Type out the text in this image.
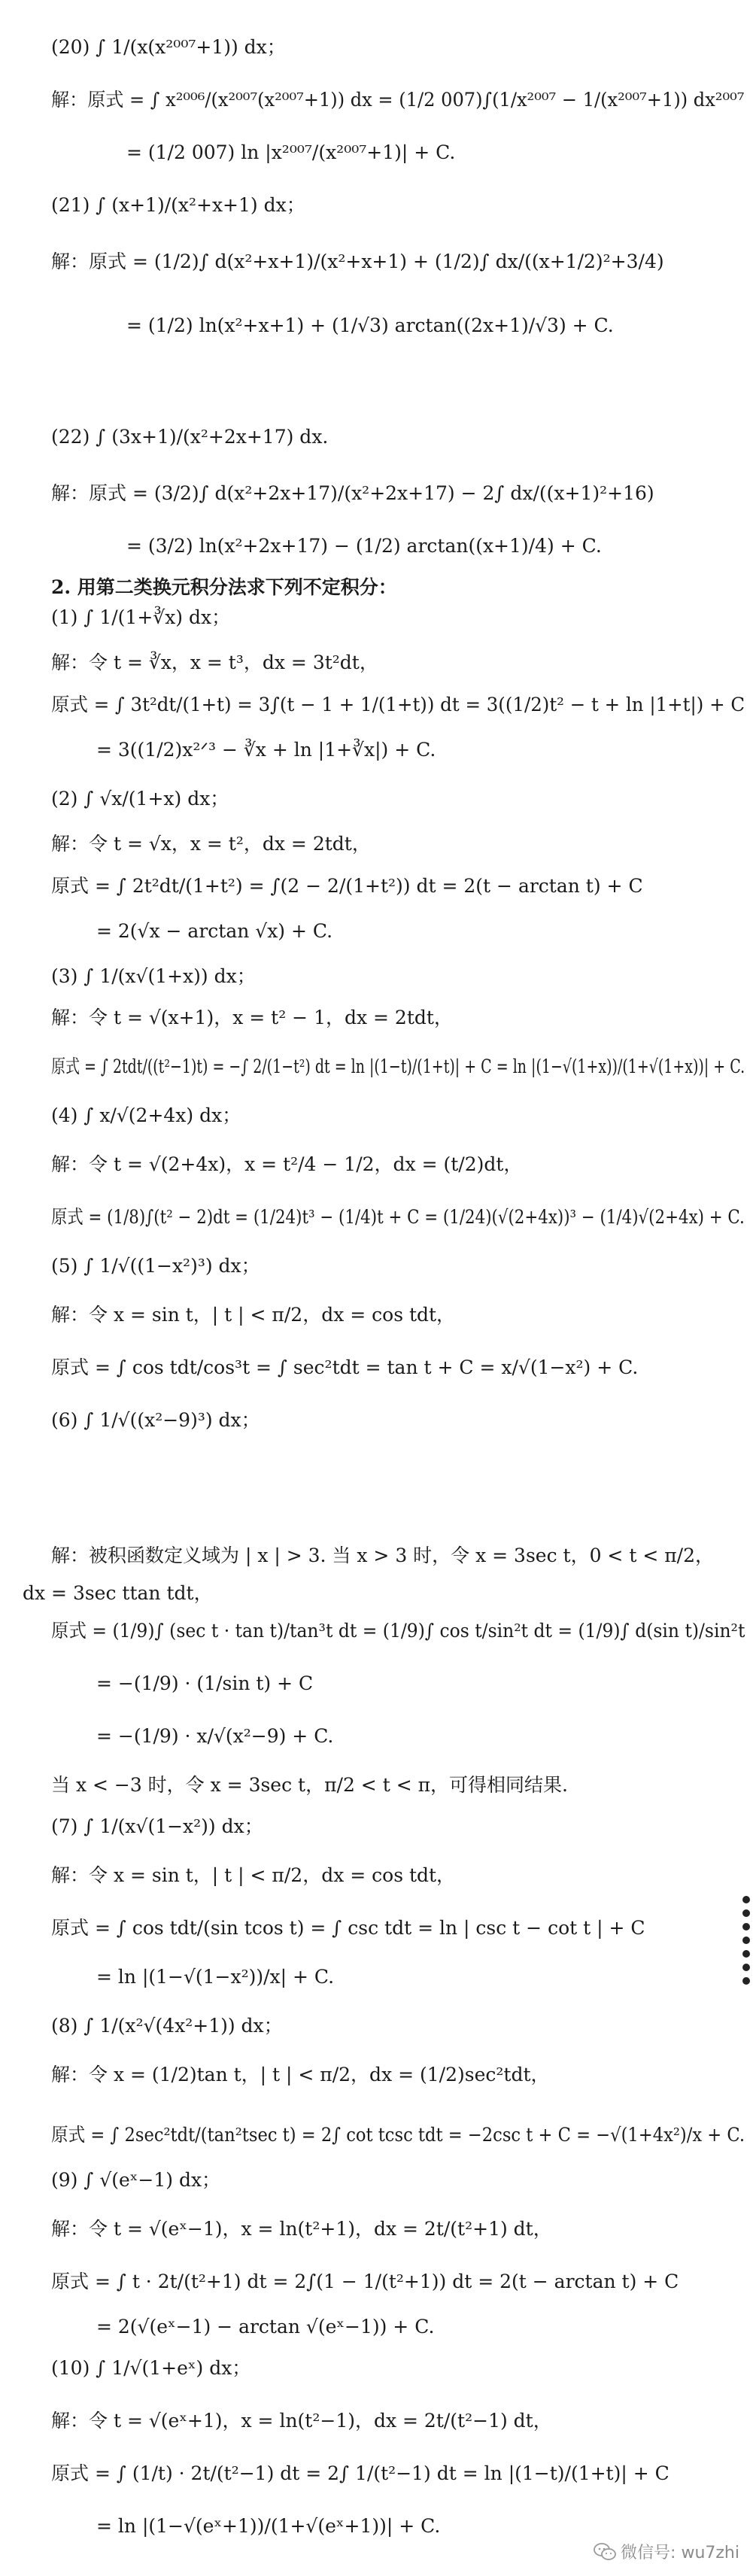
(20) ∫ 1/(x(x²⁰⁰⁷+1)) dx；
解：原式 = ∫ x²⁰⁰⁶/(x²⁰⁰⁷(x²⁰⁰⁷+1)) dx = (1/2 007)∫(1/x²⁰⁰⁷ − 1/(x²⁰⁰⁷+1)) dx²⁰⁰⁷
= (1/2 007) ln |x²⁰⁰⁷/(x²⁰⁰⁷+1)| + C.
(21) ∫ (x+1)/(x²+x+1) dx；
解：原式 = (1/2)∫ d(x²+x+1)/(x²+x+1) + (1/2)∫ dx/((x+1/2)²+3/4)
= (1/2) ln(x²+x+1) + (1/√3) arctan((2x+1)/√3) + C.
(22) ∫ (3x+1)/(x²+2x+17) dx.
解：原式 = (3/2)∫ d(x²+2x+17)/(x²+2x+17) − 2∫ dx/((x+1)²+16)
= (3/2) ln(x²+2x+17) − (1/2) arctan((x+1)/4) + C.
2. 用第二类换元积分法求下列不定积分：
(1) ∫ 1/(1+∛x) dx；
解：令 t = ∛x，x = t³，dx = 3t²dt，
原式 = ∫ 3t²dt/(1+t) = 3∫(t − 1 + 1/(1+t)) dt = 3((1/2)t² − t + ln |1+t|) + C
= 3((1/2)x²ᐟ³ − ∛x + ln |1+∛x|) + C.
(2) ∫ √x/(1+x) dx；
解：令 t = √x，x = t²，dx = 2tdt，
原式 = ∫ 2t²dt/(1+t²) = ∫(2 − 2/(1+t²)) dt = 2(t − arctan t) + C
= 2(√x − arctan √x) + C.
(3) ∫ 1/(x√(1+x)) dx；
解：令 t = √(x+1)，x = t² − 1，dx = 2tdt，
原式 = ∫ 2tdt/((t²−1)t) = −∫ 2/(1−t²) dt = ln |(1−t)/(1+t)| + C = ln |(1−√(1+x))/(1+√(1+x))| + C.
(4) ∫ x/√(2+4x) dx；
解：令 t = √(2+4x)，x = t²/4 − 1/2，dx = (t/2)dt，
原式 = (1/8)∫(t² − 2)dt = (1/24)t³ − (1/4)t + C = (1/24)(√(2+4x))³ − (1/4)√(2+4x) + C.
(5) ∫ 1/√((1−x²)³) dx；
解：令 x = sin t，| t | < π/2，dx = cos tdt，
原式 = ∫ cos tdt/cos³t = ∫ sec²tdt = tan t + C = x/√(1−x²) + C.
(6) ∫ 1/√((x²−9)³) dx；
解：被积函数定义域为 | x | > 3. 当 x > 3 时，令 x = 3sec t，0 < t < π/2，
dx = 3sec ttan tdt，
原式 = (1/9)∫ (sec t · tan t)/tan³t dt = (1/9)∫ cos t/sin²t dt = (1/9)∫ d(sin t)/sin²t
= −(1/9) · (1/sin t) + C
= −(1/9) · x/√(x²−9) + C.
当 x < −3 时，令 x = 3sec t，π/2 < t < π，可得相同结果.
(7) ∫ 1/(x√(1−x²)) dx；
解：令 x = sin t，| t | < π/2，dx = cos tdt，
原式 = ∫ cos tdt/(sin tcos t) = ∫ csc tdt = ln | csc t − cot t | + C
= ln |(1−√(1−x²))/x| + C.
(8) ∫ 1/(x²√(4x²+1)) dx；
解：令 x = (1/2)tan t，| t | < π/2，dx = (1/2)sec²tdt，
原式 = ∫ 2sec²tdt/(tan²tsec t) = 2∫ cot tcsc tdt = −2csc t + C = −√(1+4x²)/x + C.
(9) ∫ √(eˣ−1) dx；
解：令 t = √(eˣ−1)，x = ln(t²+1)，dx = 2t/(t²+1) dt，
原式 = ∫ t · 2t/(t²+1) dt = 2∫(1 − 1/(t²+1)) dt = 2(t − arctan t) + C
= 2(√(eˣ−1) − arctan √(eˣ−1)) + C.
(10) ∫ 1/√(1+eˣ) dx；
解：令 t = √(eˣ+1)，x = ln(t²−1)，dx = 2t/(t²−1) dt，
原式 = ∫ (1/t) · 2t/(t²−1) dt = 2∫ 1/(t²−1) dt = ln |(1−t)/(1+t)| + C
= ln |(1−√(eˣ+1))/(1+√(eˣ+1))| + C.
微信号: wu7zhi
